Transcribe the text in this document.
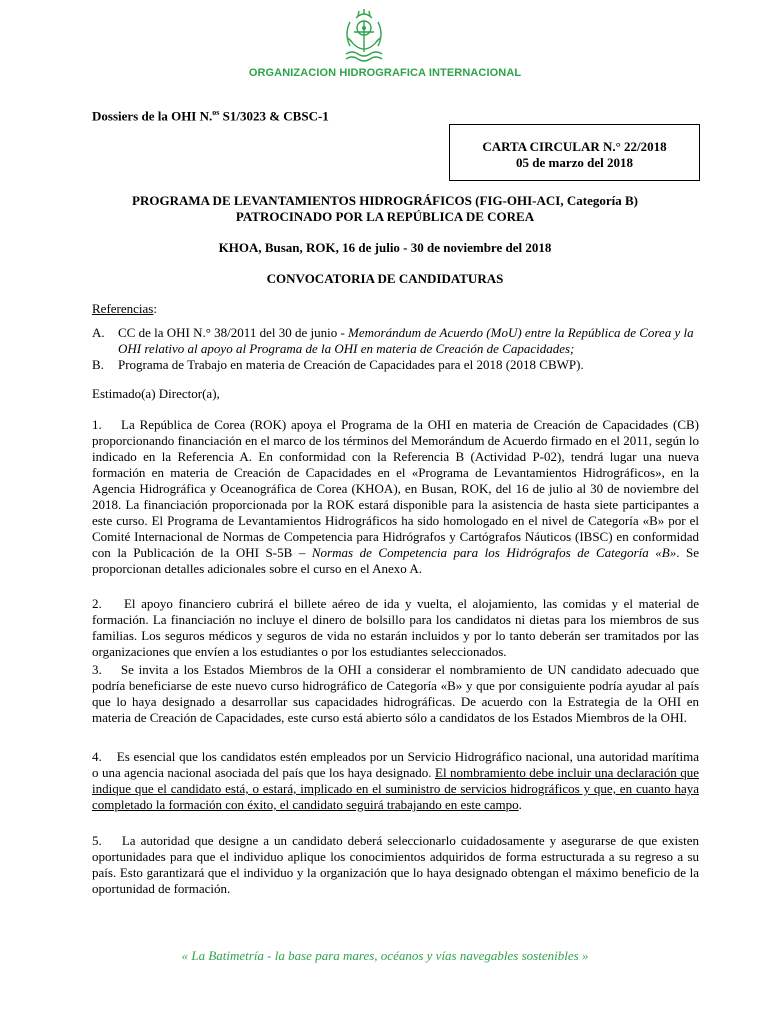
ORGANIZACION HIDROGRAFICA INTERNACIONAL
Dossiers de la OHI N.$^{os}$ S1/3023 & CBSC-1
CARTA CIRCULAR N.° 22/2018
05 de marzo del 2018
PROGRAMA DE LEVANTAMIENTOS HIDROGRÁFICOS (FIG-OHI-ACI, Categoría B)
PATROCINADO POR LA REPÚBLICA DE COREA
KHOA, Busan, ROK, 16 de julio - 30 de noviembre del 2018
CONVOCATORIA DE CANDIDATURAS
Referencias:
A. CC de la OHI N.° 38/2011 del 30 de junio - Memorándum de Acuerdo (MoU) entre la República de Corea y la OHI relativo al apoyo al Programa de la OHI en materia de Creación de Capacidades;
B. Programa de Trabajo en materia de Creación de Capacidades para el 2018 (2018 CBWP).
Estimado(a) Director(a),
1.    La República de Corea (ROK) apoya el Programa de la OHI en materia de Creación de Capacidades (CB) proporcionando financiación en el marco de los términos del Memorándum de Acuerdo firmado en el 2011, según lo indicado en la Referencia A. En conformidad con la Referencia B (Actividad P-02), tendrá lugar una nueva formación en materia de Creación de Capacidades en el «Programa de Levantamientos Hidrográficos», en la Agencia Hidrográfica y Oceanográfica de Corea (KHOA), en Busan, ROK, del 16 de julio al 30 de noviembre del 2018. La financiación proporcionada por la ROK estará disponible para la asistencia de hasta siete participantes a este curso. El Programa de Levantamientos Hidrográficos ha sido homologado en el nivel de Categoría «B» por el Comité Internacional de Normas de Competencia para Hidrógrafos y Cartógrafos Náuticos (IBSC) en conformidad con la Publicación de la OHI S-5B – Normas de Competencia para los Hidrógrafos de Categoría «B». Se proporcionan detalles adicionales sobre el curso en el Anexo A.
2.    El apoyo financiero cubrirá el billete aéreo de ida y vuelta, el alojamiento, las comidas y el material de formación. La financiación no incluye el dinero de bolsillo para los candidatos ni dietas para los miembros de sus familias. Los seguros médicos y seguros de vida no estarán incluidos y por lo tanto deberán ser tramitados por las organizaciones que envíen a los estudiantes o por los estudiantes seleccionados.
3.    Se invita a los Estados Miembros de la OHI a considerar el nombramiento de UN candidato adecuado que podría beneficiarse de este nuevo curso hidrográfico de Categoría «B» y que por consiguiente podría ayudar al país que lo haya designado a desarrollar sus capacidades hidrográficas. De acuerdo con la Estrategia de la OHI en materia de Creación de Capacidades, este curso está abierto sólo a candidatos de los Estados Miembros de la OHI.
4.    Es esencial que los candidatos estén empleados por un Servicio Hidrográfico nacional, una autoridad marítima o una agencia nacional asociada del país que los haya designado. El nombramiento debe incluir una declaración que indique que el candidato está, o estará, implicado en el suministro de servicios hidrográficos y que, en cuanto haya completado la formación con éxito, el candidato seguirá trabajando en este campo.
5.    La autoridad que designe a un candidato deberá seleccionarlo cuidadosamente y asegurarse de que existen oportunidades para que el individuo aplique los conocimientos adquiridos de forma estructurada a su regreso a su país. Esto garantizará que el individuo y la organización que lo haya designado obtengan el máximo beneficio de la oportunidad de formación.
« La Batimetría - la base para mares, océanos y vías navegables sostenibles »
